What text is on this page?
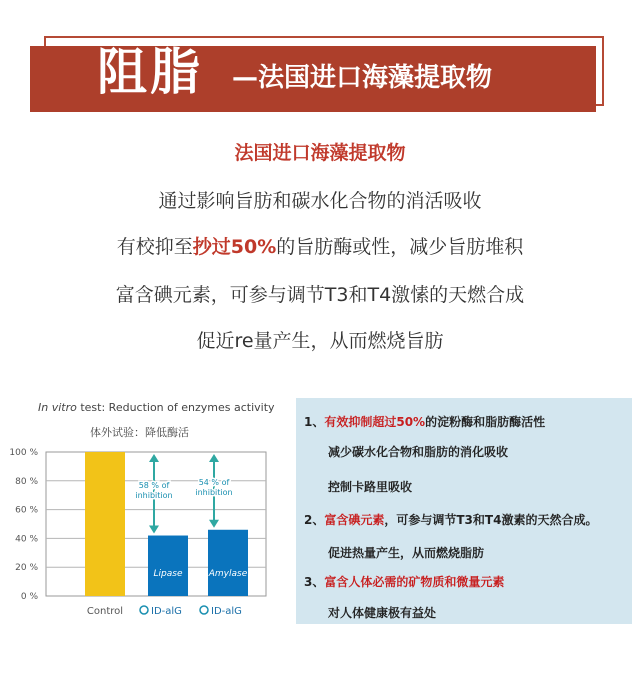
阻脂 —法国进口海藻提取物
法国进口海藻提取物
通过影响旨肪和碳水化合物的消活吸收
有校抑至抄过50%的旨肪酶或性，减少旨肪堆积
富含碘元素，可参与调节T3和T4激愫的天燃合成
促近re量产生，从而燃烧旨肪
0 %
20 %
40 %
60 %
80 %
100 %
Lipase	Amylase
58 % of
inhibition
54 % of
inhibition
Control	ID-alG	ID-alG
In vitro test: Reduction of enzymes activity
体外试验：降低酶活
1、有效抑制超过50%的淀粉酶和脂肪酶活性
减少碳水化合物和脂肪的消化吸收
控制卡路里吸收
2、富含碘元素，可参与调节T3和T4激素的天然合成。
促进热量产生，从而燃烧脂肪
3、富含人体必需的矿物质和微量元素
对人体健康极有益处
